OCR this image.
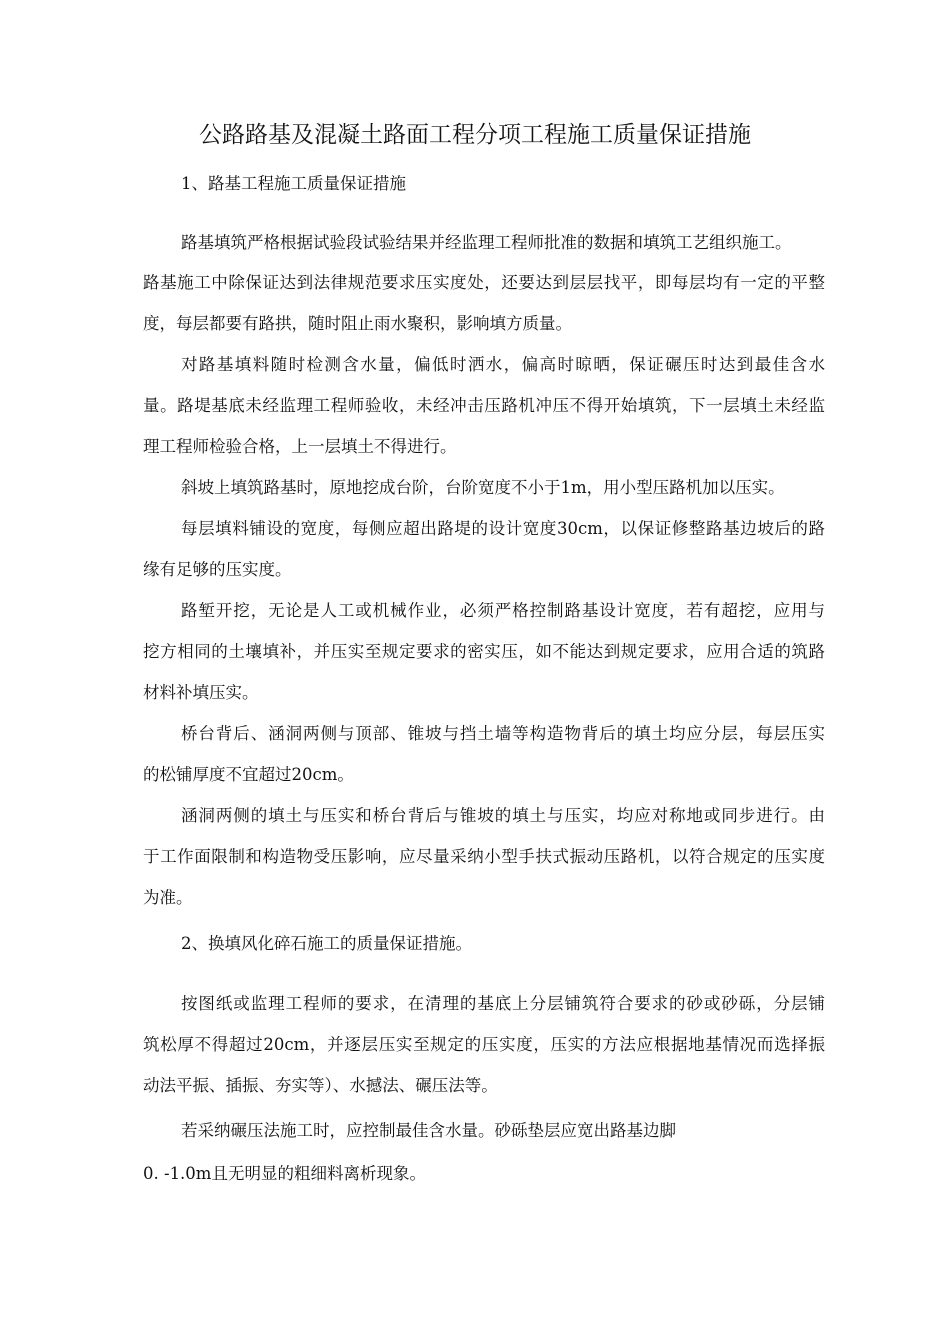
公路路基及混凝土路面工程分项工程施工质量保证措施
1、路基工程施工质量保证措施
路基填筑严格根据试验段试验结果并经监理工程师批准的数据和填筑工艺组织施工。
路基施工中除保证达到法律规范要求压实度处，还要达到层层找平，即每层均有一定的平整
度，每层都要有路拱，随时阻止雨水聚积，影响填方质量。
对路基填料随时检测含水量，偏低时洒水，偏高时晾晒，保证碾压时达到最佳含水
量。路堤基底未经监理工程师验收，未经冲击压路机冲压不得开始填筑，下一层填土未经监
理工程师检验合格，上一层填土不得进行。
斜坡上填筑路基时，原地挖成台阶，台阶宽度不小于1m，用小型压路机加以压实。
每层填料铺设的宽度，每侧应超出路堤的设计宽度30cm，以保证修整路基边坡后的路
缘有足够的压实度。
路堑开挖，无论是人工或机械作业，必须严格控制路基设计宽度，若有超挖，应用与
挖方相同的土壤填补，并压实至规定要求的密实压，如不能达到规定要求，应用合适的筑路
材料补填压实。
桥台背后、涵洞两侧与顶部、锥坡与挡土墙等构造物背后的填土均应分层，每层压实
的松铺厚度不宜超过20cm。
涵洞两侧的填土与压实和桥台背后与锥坡的填土与压实，均应对称地或同步进行。由
于工作面限制和构造物受压影响，应尽量采纳小型手扶式振动压路机，以符合规定的压实度
为准。
2、换填风化碎石施工的质量保证措施。
按图纸或监理工程师的要求，在清理的基底上分层铺筑符合要求的砂或砂砾，分层铺
筑松厚不得超过20cm，并逐层压实至规定的压实度，压实的方法应根据地基情况而选择振
动法平振、插振、夯实等）、水撼法、碾压法等。
若采纳碾压法施工时，应控制最佳含水量。砂砾垫层应宽出路基边脚
0. -1.0m且无明显的粗细料离析现象。
